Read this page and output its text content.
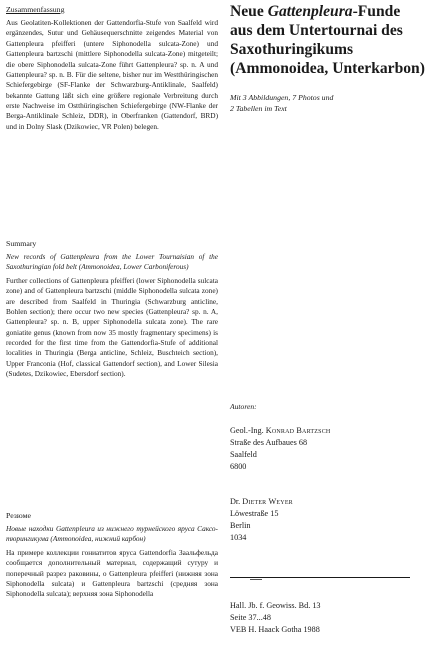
Zusammenfassung

Aus Geolatiten-Kollektionen der Gattendorfia-Stufe von Saalfeld wird ergänzendes, Sutur und Gehäusequerschnitte zeigendes Material von Gattenpleura pfeifferi (untere Siphonodella sulcata-Zone) und Gattenpleura bartzschi (mittlere Siphonodella sulcata-Zone) mitgeteilt; die obere Siphonodella sulcata-Zone führt Gattenpleura? sp. n. A und Gattenpleura? sp. n. B. Für die seltene, bisher nur im Westthüringischen Schiefergebirge (SF-Flanke der Schwarzburg-Antiklinale, Saalfeld) bekannte Gattung läßt sich eine größere regionale Verbreitung durch erste Nachweise im Ostthüringischen Schiefergebirge (NW-Flanke der Berga-Antiklinale Schleiz, DDR), in Oberfranken (Gattendorf, BRD) und in Dolny Slask (Dzikowiec, VR Polen) belegen.

Summary

New records of Gattenpleura from the Lower Tournaisian of the Saxothuringian fold belt (Ammonoidea, Lower Carboniferous)

Further collections of Gattenpleura pfeifferi (lower Siphonodella sulcata zone) and of Gattenpleura bartzschi (middle Siphonodella sulcata zone) are described from Saalfeld in Thuringia (Schwarzburg anticline, Bohlen section); there occur two new species (Gattenpleura? sp. n. A, Gattenpleura? sp. n. B, upper Siphonodella sulcata zone). The rare goniatite genus (known from now 35 mostly fragmentary specimens) is recorded for the first time from the Gattendorfia-Stufe of additional localities in Thuringia (Berga anticline, Schleiz, Buschteich section), Upper Franconia (Hof, classical Gattendorf section), and Lower Silesia (Sudetes, Dzikowiec, Ebersdorf section).

Резюме

Новые находки Gattenpleura из нижнего турнейского яруса Саксо-тюрингикума (Ammonoidea, нижний карбон)

На примере коллекции гониатитов яруса Gattendorfia Заальфельда сообщается дополнительный материал, содержащий сутуру и поперечный разрез раковины, о Gattenpleura pfeifferi (нижняя зона Siphonodella sulcata) и Gattenpleura bartzschi (средняя зона Siphonodella sulcata); верхняя зона Siphonodella

Neue Gattenpleura-Funde aus dem Untertournai des Saxothuringikums (Ammonoidea, Unterkarbon)

Mit 3 Abbildungen, 7 Photos und
2 Tabellen im Text

Autoren:

Geol.-Ing. Konrad Bartzsch

Straße des Aufbaues 68

Saalfeld

6800

Dr. Dieter Weyer

Löwestraße 15

Berlin

1034

Hall. Jb. f. Geowiss. Bd. 13

Seite 37...48

VEB H. Haack Gotha 1988
